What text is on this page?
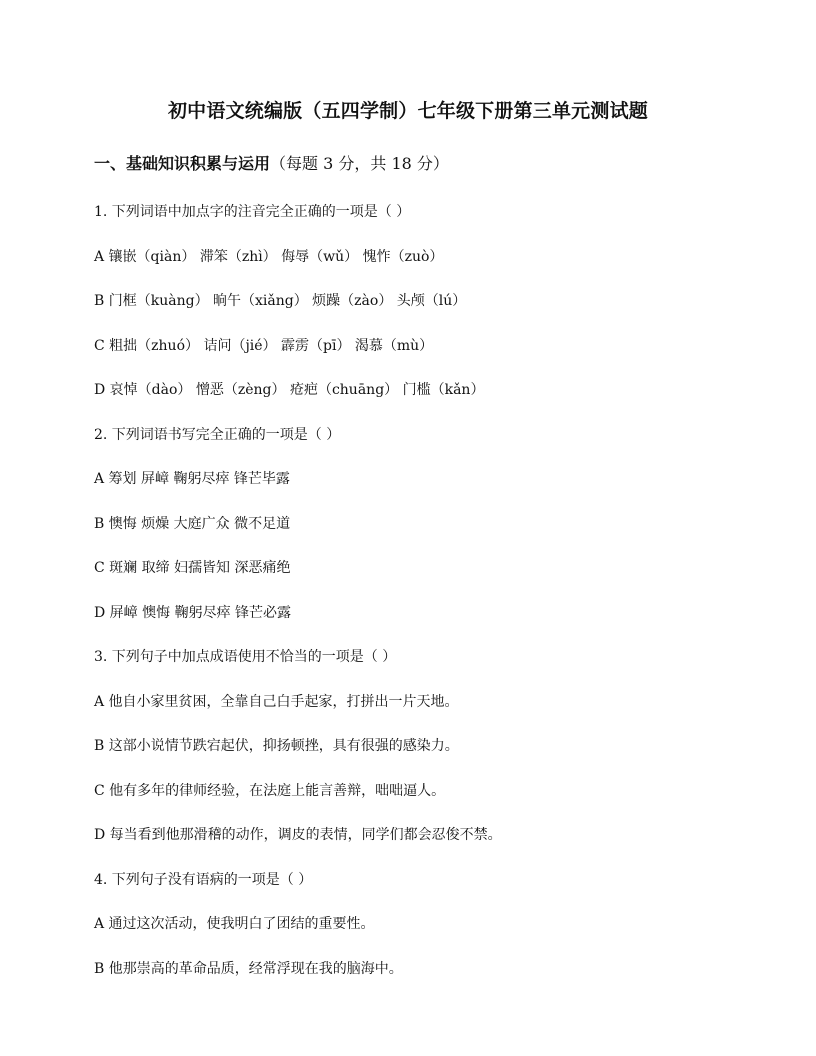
初中语文统编版（五四学制）七年级下册第三单元测试题
一、基础知识积累与运用（每题 3 分，共 18 分）
1. 下列词语中加点字的注音完全正确的一项是（ ）
A 镶嵌（qiàn） 滞笨（zhì） 侮辱（wǔ） 愧怍（zuò）
B 门框（kuàng） 晌午（xiǎng） 烦躁（zào） 头颅（lú）
C 粗拙（zhuó） 诘问（jié） 霹雳（pī） 渴慕（mù）
D 哀悼（dào） 憎恶（zèng） 疮疤（chuāng） 门槛（kǎn）
2. 下列词语书写完全正确的一项是（ ）
A 筹划 屏嶂 鞠躬尽瘁 锋芒毕露
B 懊悔 烦燥 大庭广众 微不足道
C 斑斓 取缔 妇孺皆知 深恶痛绝
D 屏嶂 懊悔 鞠躬尽瘁 锋芒必露
3. 下列句子中加点成语使用不恰当的一项是（ ）
A 他自小家里贫困，全靠自己白手起家，打拼出一片天地。
B 这部小说情节跌宕起伏，抑扬顿挫，具有很强的感染力。
C 他有多年的律师经验，在法庭上能言善辩，咄咄逼人。
D 每当看到他那滑稽的动作，调皮的表情，同学们都会忍俊不禁。
4. 下列句子没有语病的一项是（ ）
A 通过这次活动，使我明白了团结的重要性。
B 他那崇高的革命品质，经常浮现在我的脑海中。
